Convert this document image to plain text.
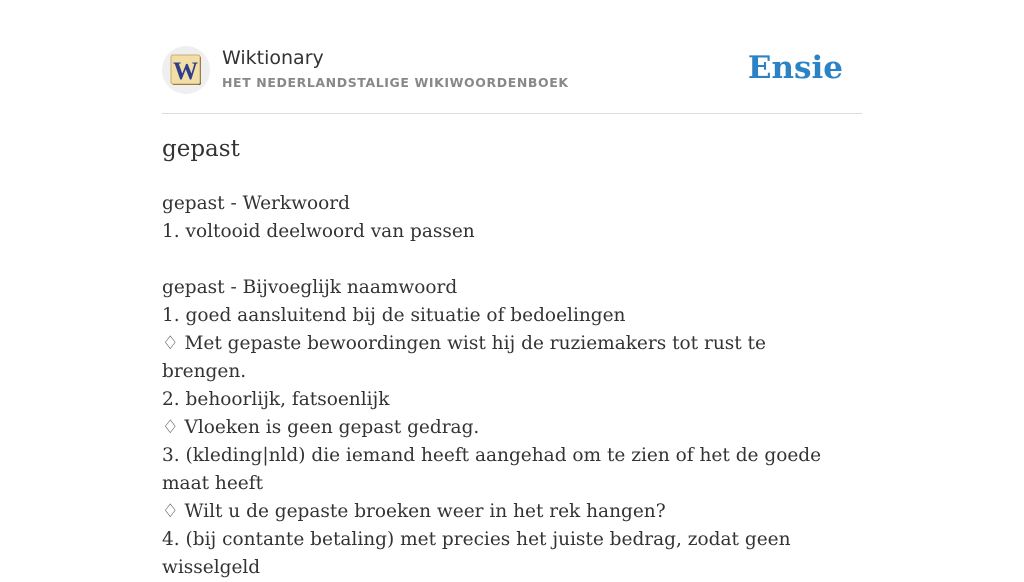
W Wiktionary
HET NEDERLANDSTALIGE WIKIWOORDENBOEK	Ensie
gepast
gepast - Werkwoord
1. voltooid deelwoord van passen
gepast - Bijvoeglijk naamwoord
1. goed aansluitend bij de situatie of bedoelingen
♢ Met gepaste bewoordingen wist hij de ruziemakers tot rust te brengen.
2. behoorlijk, fatsoenlijk
♢ Vloeken is geen gepast gedrag.
3. (kleding|nld) die iemand heeft aangehad om te zien of het de goede maat heeft
♢ Wilt u de gepaste broeken weer in het rek hangen?
4. (bij contante betaling) met precies het juiste bedrag, zodat geen wisselgeld
